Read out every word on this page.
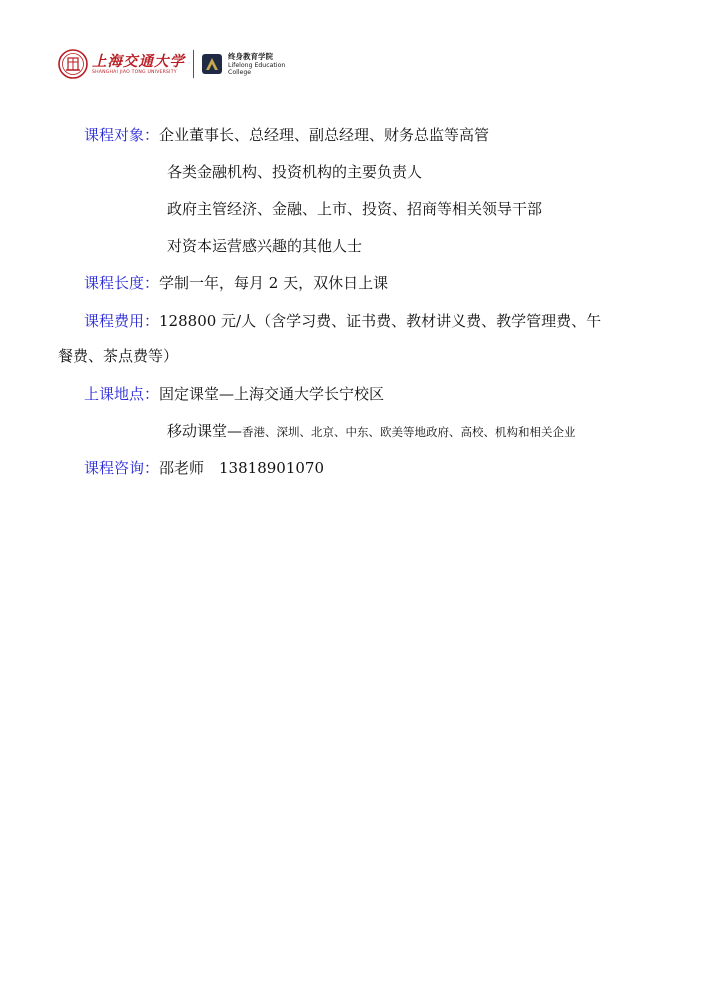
上海交通大学
SHANGHAI JIAO TONG UNIVERSITY
终身教育学院
Lifelong Education
College
课程对象：企业董事长、总经理、副总经理、财务总监等高管
各类金融机构、投资机构的主要负责人
政府主管经济、金融、上市、投资、招商等相关领导干部
对资本运营感兴趣的其他人士
课程长度：学制一年，每月 2 天，双休日上课
课程费用：128800 元/人（含学习费、证书费、教材讲义费、教学管理费、午
餐费、茶点费等）
上课地点：固定课堂—上海交通大学长宁校区
移动课堂—香港、深圳、北京、中东、欧美等地政府、高校、机构和相关企业
课程咨询：邵老师　13818901070
